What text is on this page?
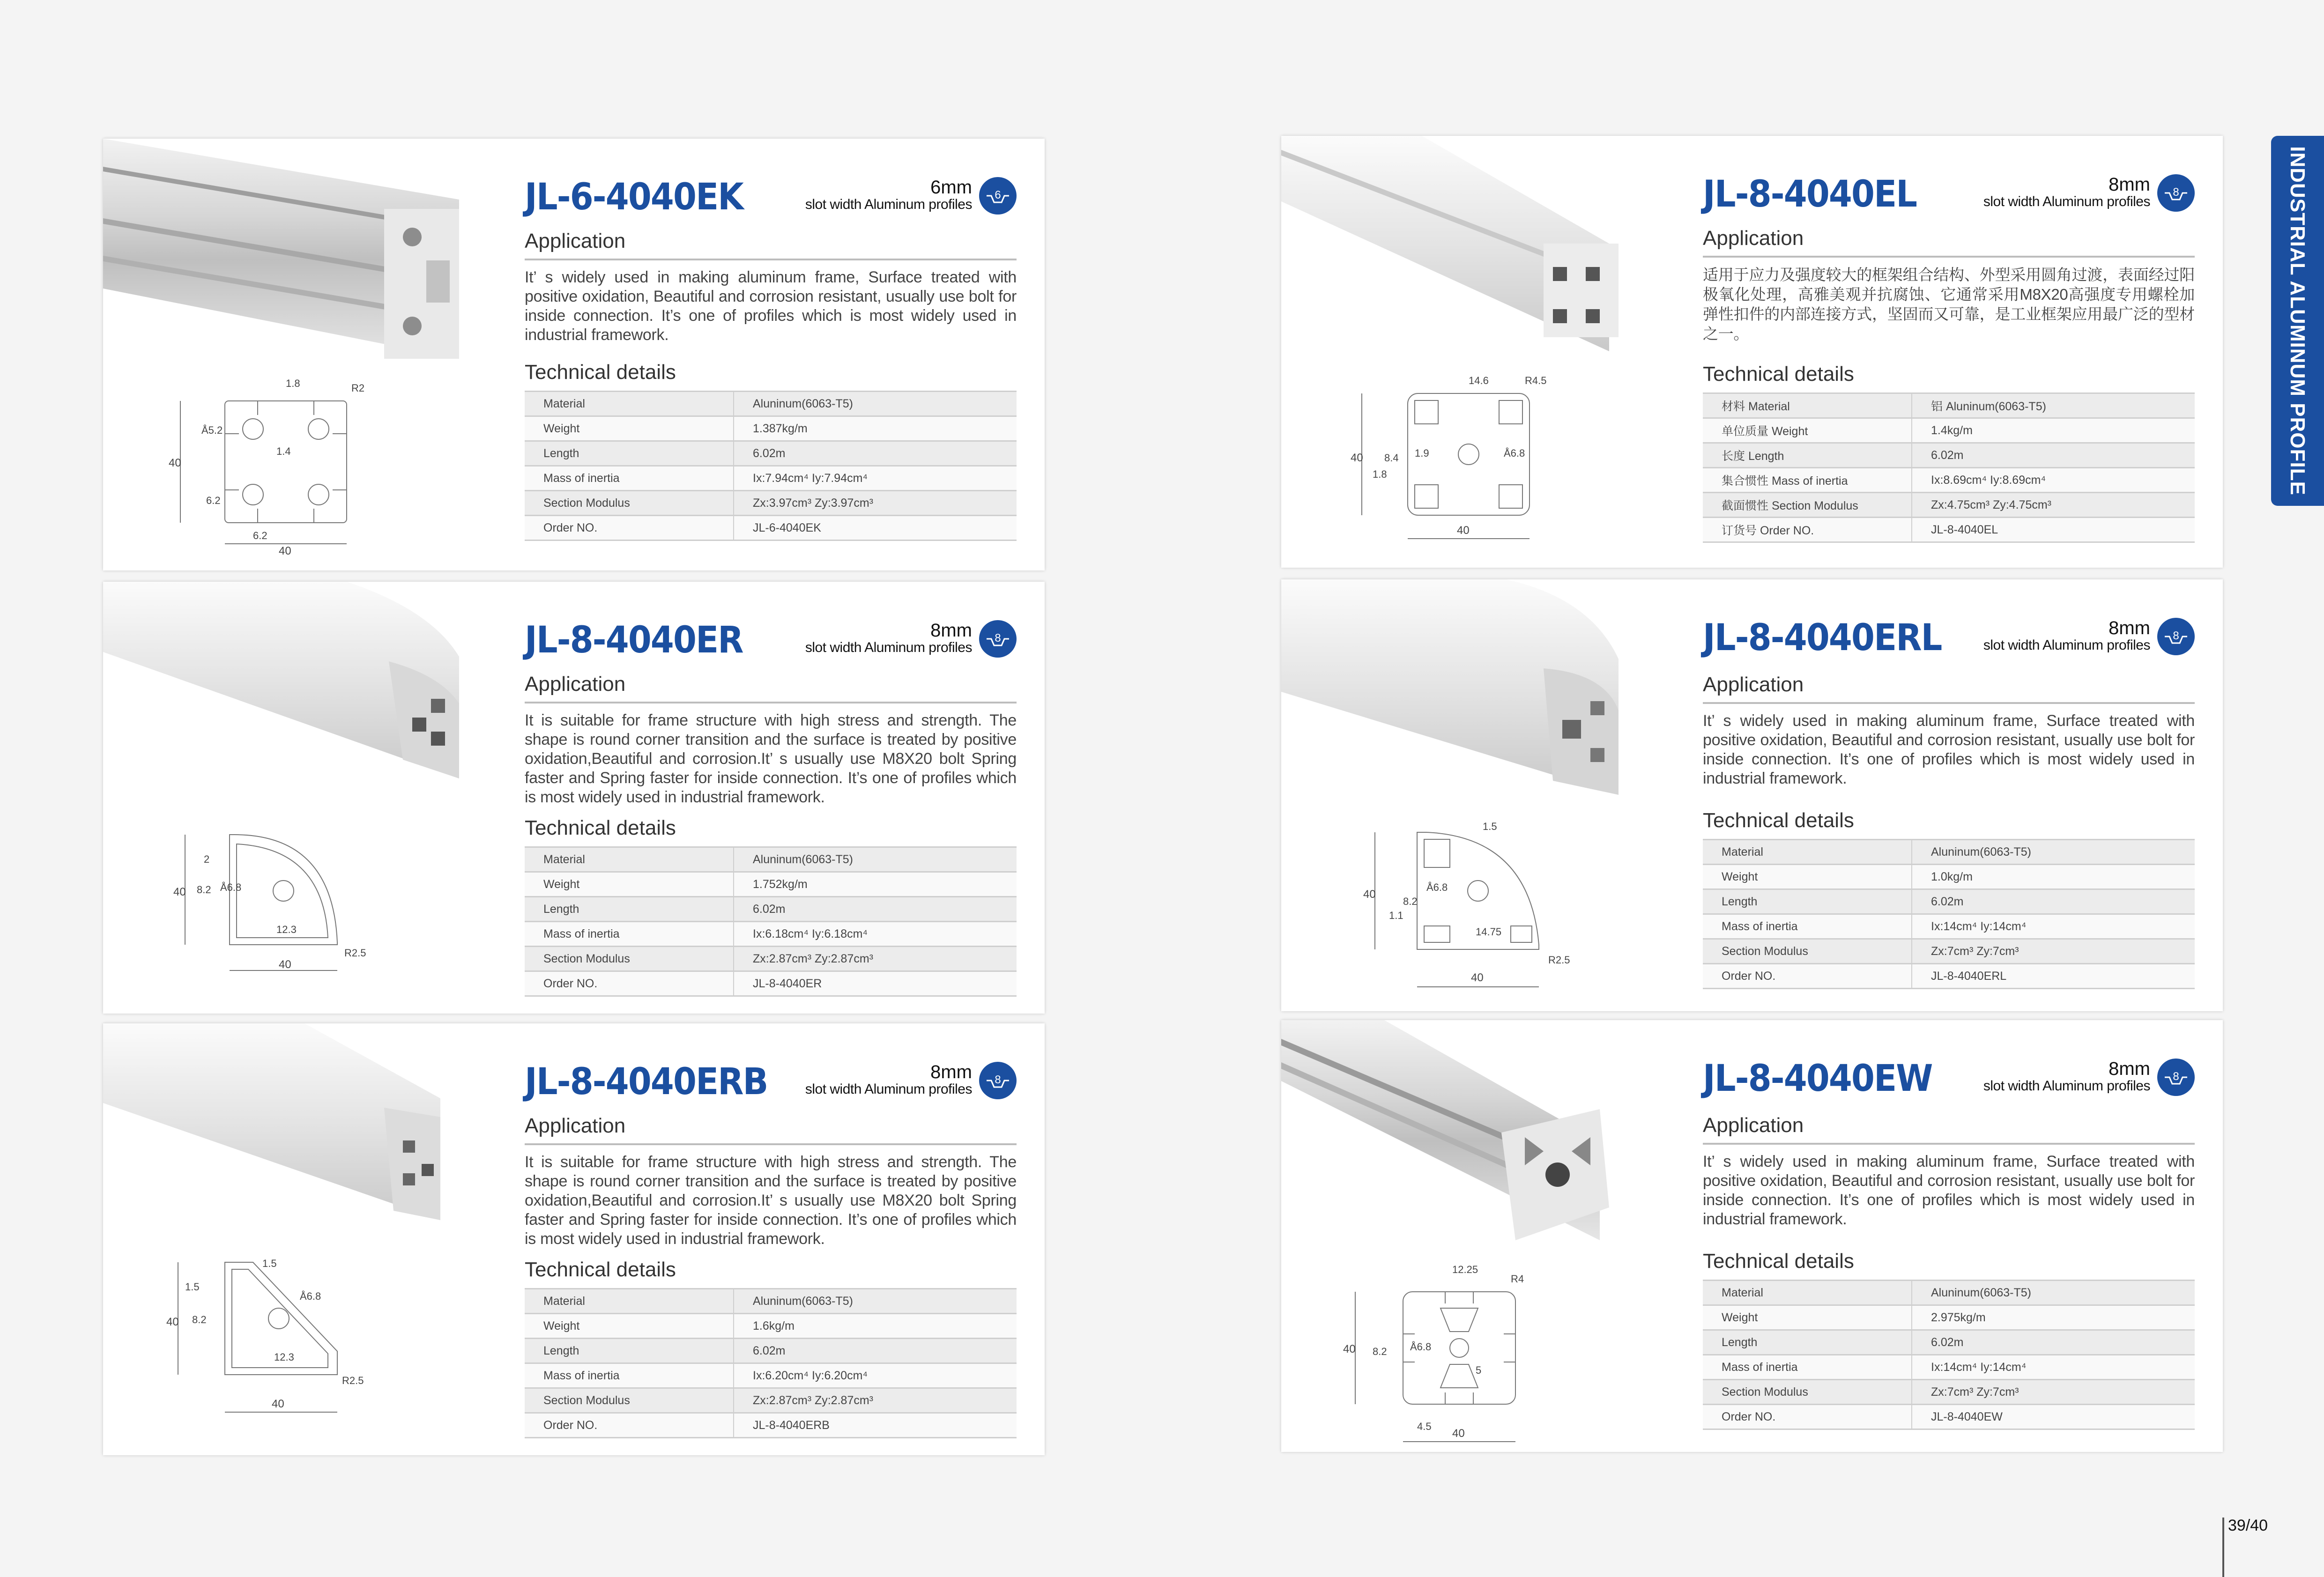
40
40
1.8	R2
Å5.2
1.4
6.2
6.2
JL-6-4040EK	6mm
slot width Aluminum profiles
6
Application
It’ s widely used in making aluminum frame, Surface treated with positive oxidation, Beautiful and corrosion resistant, usually use bolt for inside connection. It’s one of profiles which is most widely used in industrial framework.
Technical details
Material	Aluninum(6063-T5)
Weight	1.387kg/m
Length	6.02m
Mass of inertia	Ix:7.94cm⁴ Iy:7.94cm⁴
Section Modulus	Zx:3.97cm³ Zy:3.97cm³
Order NO.	JL-6-4040EK
40
40
2
8.2 Å6.8
12.3
R2.5
JL-8-4040ER	8mm
slot width Aluminum profiles
8
Application
It is suitable for frame structure with high stress and strength. The shape is round corner transition and the surface is treated by positive oxidation,Beautiful and corrosion.It’ s usually use M8X20 bolt Spring faster and Spring faster for inside connection. It’s one of profiles which is most widely used in industrial framework.
Technical details
Material	Aluninum(6063-T5)
Weight	1.752kg/m
Length	6.02m
Mass of inertia	Ix:6.18cm⁴ Iy:6.18cm⁴
Section Modulus	Zx:2.87cm³ Zy:2.87cm³
Order NO.	JL-8-4040ER
40
40
1.5
1.5
8.2
Å6.8
12.3
R2.5
JL-8-4040ERB	8mm
slot width Aluminum profiles
8
Application
It is suitable for frame structure with high stress and strength. The shape is round corner transition and the surface is treated by positive oxidation,Beautiful and corrosion.It’ s usually use M8X20 bolt Spring faster and Spring faster for inside connection. It’s one of profiles which is most widely used in industrial framework.
Technical details
Material	Aluninum(6063-T5)
Weight	1.6kg/m
Length	6.02m
Mass of inertia	Ix:6.20cm⁴ Iy:6.20cm⁴
Section Modulus	Zx:2.87cm³ Zy:2.87cm³
Order NO.	JL-8-4040ERB
40
40
14.6	R4.5
8.4 1.9	Å6.8
1.8
JL-8-4040EL	8mm
slot width Aluminum profiles
8
Application
适用于应力及强度较大的框架组合结构、外型采用圆角过渡，表面经过阳极氧化处理，高雅美观并抗腐蚀、它通常采用M8X20高强度专用螺栓加弹性扣件的内部连接方式，坚固而又可靠，是工业框架应用最广泛的型材之一。
Technical details
材料 Material	铝 Aluninum(6063-T5)
单位质量 Weight	1.4kg/m
长度 Length	6.02m
集合惯性 Mass of inertia	Ix:8.69cm⁴ Iy:8.69cm⁴
截面惯性 Section Modulus	Zx:4.75cm³ Zy:4.75cm³
订货号 Order NO.	JL-8-4040EL
40
40
1.5
8.2
Å6.8
1.1
14.75
R2.5
JL-8-4040ERL	8mm
slot width Aluminum profiles
8
Application
It’ s widely used in making aluminum frame, Surface treated with positive oxidation, Beautiful and corrosion resistant, usually use bolt for inside connection. It’s one of profiles which is most widely used in industrial framework.
Technical details
Material	Aluninum(6063-T5)
Weight	1.0kg/m
Length	6.02m
Mass of inertia	Ix:14cm⁴ Iy:14cm⁴
Section Modulus	Zx:7cm³ Zy:7cm³
Order NO.	JL-8-4040ERL
40
40
12.25
R4
8.2 Å6.8
5
4.5
JL-8-4040EW	8mm
slot width Aluminum profiles
8
Application
It’ s widely used in making aluminum frame, Surface treated with positive oxidation, Beautiful and corrosion resistant, usually use bolt for inside connection. It’s one of profiles which is most widely used in industrial framework.
Technical details
Material	Aluninum(6063-T5)
Weight	2.975kg/m
Length	6.02m
Mass of inertia	Ix:14cm⁴ Iy:14cm⁴
Section Modulus	Zx:7cm³ Zy:7cm³
Order NO.	JL-8-4040EW
INDUSTRIAL ALUMINUM PROFILE
39/40
